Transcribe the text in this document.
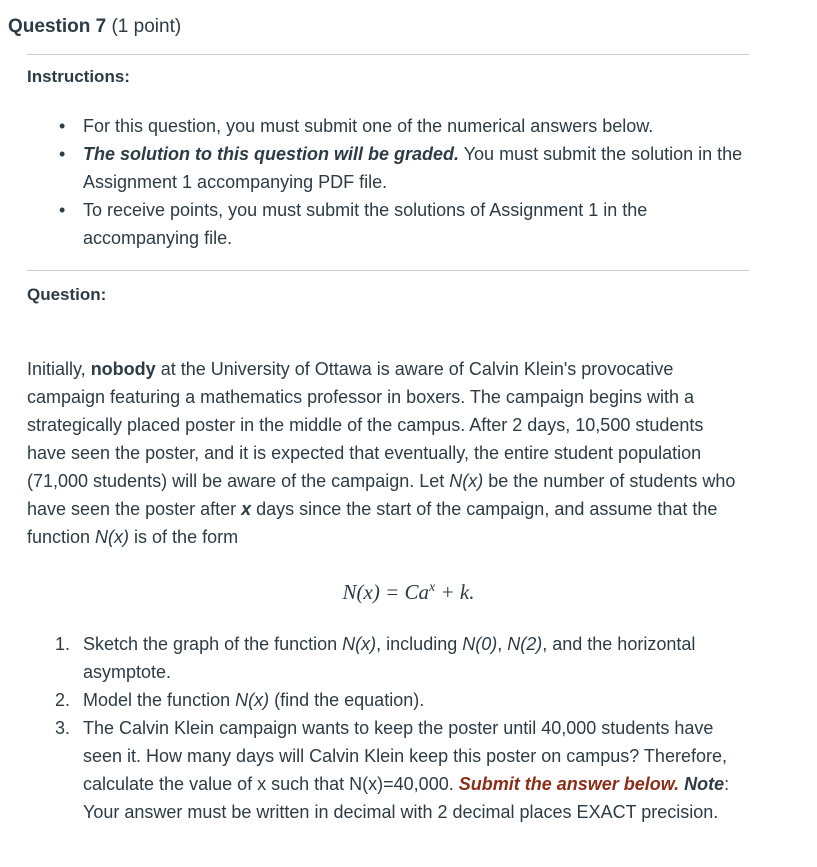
Question 7 (1 point)
Instructions:
• For this question, you must submit one of the numerical answers below.
• The solution to this question will be graded. You must submit the solution in the Assignment 1 accompanying PDF file.
• To receive points, you must submit the solutions of Assignment 1 in the accompanying file.
Question:

Initially, nobody at the University of Ottawa is aware of Calvin Klein's provocative campaign featuring a mathematics professor in boxers. The campaign begins with a strategically placed poster in the middle of the campus. After 2 days, 10,500 students have seen the poster, and it is expected that eventually, the entire student population (71,000 students) will be aware of the campaign. Let N(x) be the number of students who have seen the poster after x days since the start of the campaign, and assume that the function N(x) is of the form

$N(x) = Ca^x + k$.
1. Sketch the graph of the function N(x), including N(0), N(2), and the horizontal asymptote.
2. Model the function N(x) (find the equation).
3. The Calvin Klein campaign wants to keep the poster until 40,000 students have seen it. How many days will Calvin Klein keep this poster on campus? Therefore, calculate the value of x such that N(x)=40,000. Submit the answer below. Note: Your answer must be written in decimal with 2 decimal places EXACT precision.
